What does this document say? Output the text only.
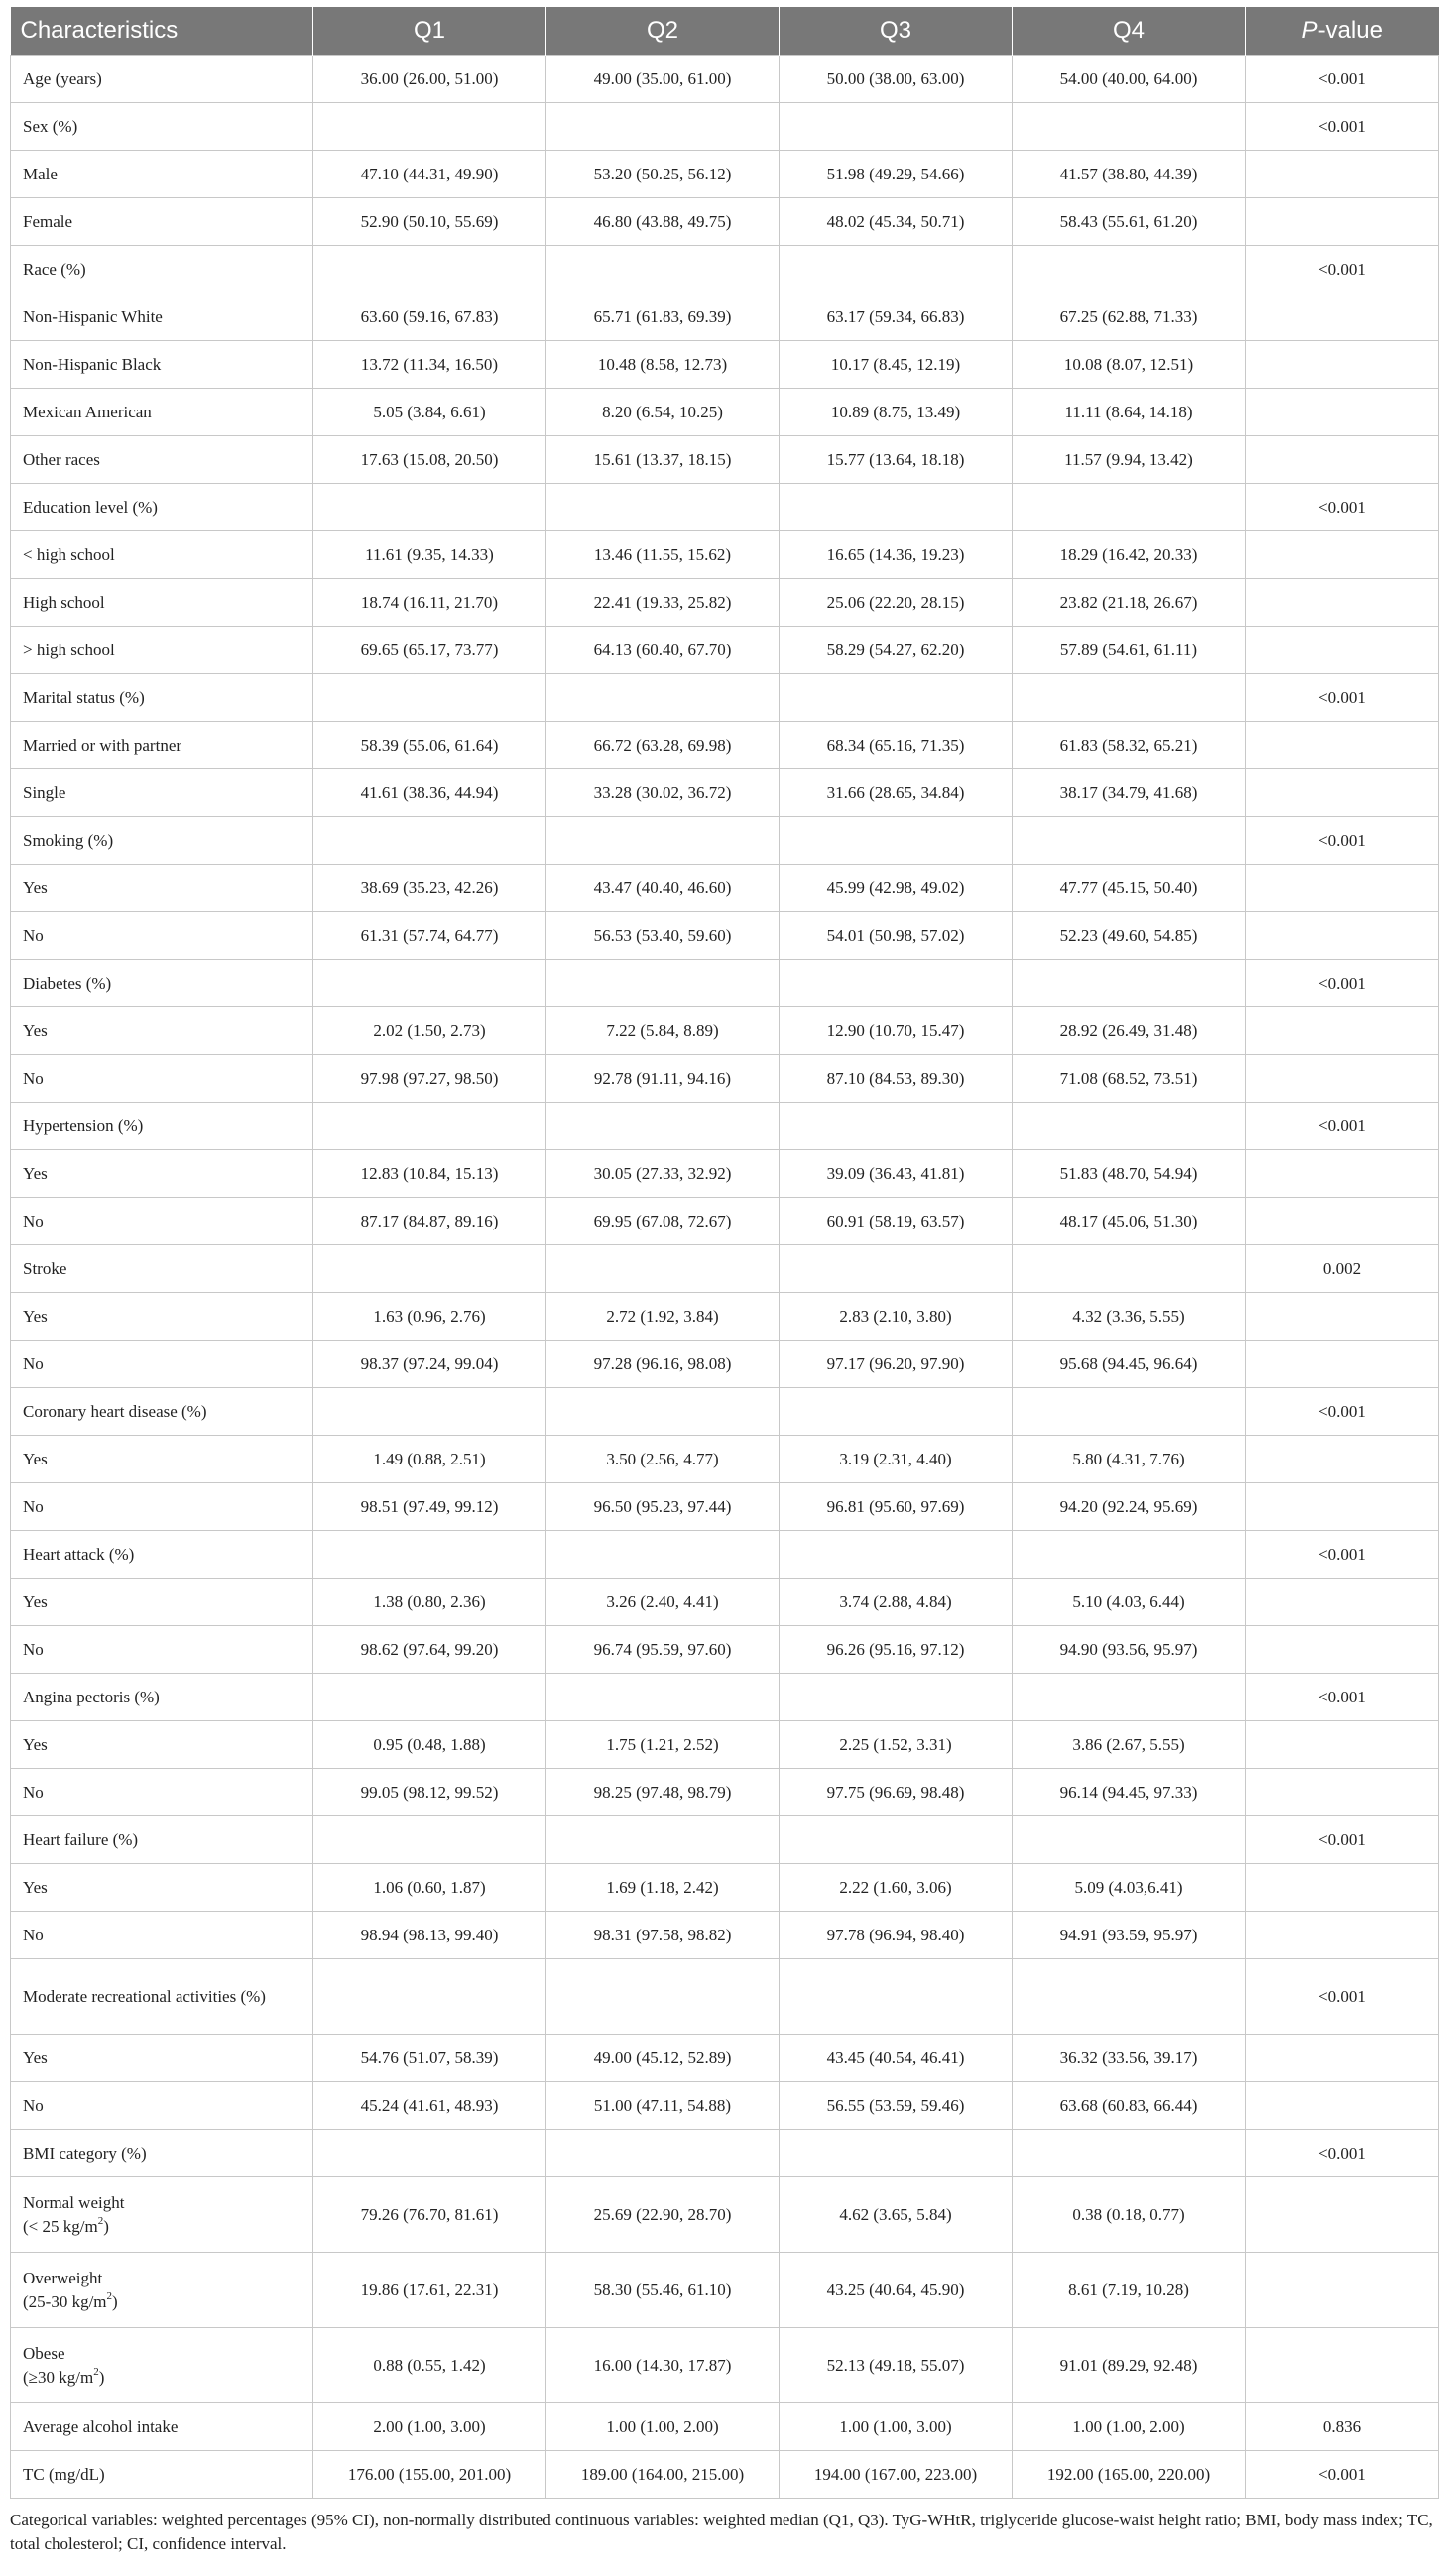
Characteristics	Q1	Q2	Q3	Q4	P-value
Age (years)	36.00 (26.00, 51.00)	49.00 (35.00, 61.00)	50.00 (38.00, 63.00)	54.00 (40.00, 64.00)	<0.001
Sex (%)					<0.001
Male	47.10 (44.31, 49.90)	53.20 (50.25, 56.12)	51.98 (49.29, 54.66)	41.57 (38.80, 44.39)	
Female	52.90 (50.10, 55.69)	46.80 (43.88, 49.75)	48.02 (45.34, 50.71)	58.43 (55.61, 61.20)	
Race (%)					<0.001
Non-Hispanic White	63.60 (59.16, 67.83)	65.71 (61.83, 69.39)	63.17 (59.34, 66.83)	67.25 (62.88, 71.33)	
Non-Hispanic Black	13.72 (11.34, 16.50)	10.48 (8.58, 12.73)	10.17 (8.45, 12.19)	10.08 (8.07, 12.51)	
Mexican American	5.05 (3.84, 6.61)	8.20 (6.54, 10.25)	10.89 (8.75, 13.49)	11.11 (8.64, 14.18)	
Other races	17.63 (15.08, 20.50)	15.61 (13.37, 18.15)	15.77 (13.64, 18.18)	11.57 (9.94, 13.42)	
Education level (%)					<0.001
< high school	11.61 (9.35, 14.33)	13.46 (11.55, 15.62)	16.65 (14.36, 19.23)	18.29 (16.42, 20.33)	
High school	18.74 (16.11, 21.70)	22.41 (19.33, 25.82)	25.06 (22.20, 28.15)	23.82 (21.18, 26.67)	
> high school	69.65 (65.17, 73.77)	64.13 (60.40, 67.70)	58.29 (54.27, 62.20)	57.89 (54.61, 61.11)	
Marital status (%)					<0.001
Married or with partner	58.39 (55.06, 61.64)	66.72 (63.28, 69.98)	68.34 (65.16, 71.35)	61.83 (58.32, 65.21)	
Single	41.61 (38.36, 44.94)	33.28 (30.02, 36.72)	31.66 (28.65, 34.84)	38.17 (34.79, 41.68)	
Smoking (%)					<0.001
Yes	38.69 (35.23, 42.26)	43.47 (40.40, 46.60)	45.99 (42.98, 49.02)	47.77 (45.15, 50.40)	
No	61.31 (57.74, 64.77)	56.53 (53.40, 59.60)	54.01 (50.98, 57.02)	52.23 (49.60, 54.85)	
Diabetes (%)					<0.001
Yes	2.02 (1.50, 2.73)	7.22 (5.84, 8.89)	12.90 (10.70, 15.47)	28.92 (26.49, 31.48)	
No	97.98 (97.27, 98.50)	92.78 (91.11, 94.16)	87.10 (84.53, 89.30)	71.08 (68.52, 73.51)	
Hypertension (%)					<0.001
Yes	12.83 (10.84, 15.13)	30.05 (27.33, 32.92)	39.09 (36.43, 41.81)	51.83 (48.70, 54.94)	
No	87.17 (84.87, 89.16)	69.95 (67.08, 72.67)	60.91 (58.19, 63.57)	48.17 (45.06, 51.30)	
Stroke					0.002
Yes	1.63 (0.96, 2.76)	2.72 (1.92, 3.84)	2.83 (2.10, 3.80)	4.32 (3.36, 5.55)	
No	98.37 (97.24, 99.04)	97.28 (96.16, 98.08)	97.17 (96.20, 97.90)	95.68 (94.45, 96.64)	
Coronary heart disease (%)					<0.001
Yes	1.49 (0.88, 2.51)	3.50 (2.56, 4.77)	3.19 (2.31, 4.40)	5.80 (4.31, 7.76)	
No	98.51 (97.49, 99.12)	96.50 (95.23, 97.44)	96.81 (95.60, 97.69)	94.20 (92.24, 95.69)	
Heart attack (%)					<0.001
Yes	1.38 (0.80, 2.36)	3.26 (2.40, 4.41)	3.74 (2.88, 4.84)	5.10 (4.03, 6.44)	
No	98.62 (97.64, 99.20)	96.74 (95.59, 97.60)	96.26 (95.16, 97.12)	94.90 (93.56, 95.97)	
Angina pectoris (%)					<0.001
Yes	0.95 (0.48, 1.88)	1.75 (1.21, 2.52)	2.25 (1.52, 3.31)	3.86 (2.67, 5.55)	
No	99.05 (98.12, 99.52)	98.25 (97.48, 98.79)	97.75 (96.69, 98.48)	96.14 (94.45, 97.33)	
Heart failure (%)					<0.001
Yes	1.06 (0.60, 1.87)	1.69 (1.18, 2.42)	2.22 (1.60, 3.06)	5.09 (4.03,6.41)	
No	98.94 (98.13, 99.40)	98.31 (97.58, 98.82)	97.78 (96.94, 98.40)	94.91 (93.59, 95.97)	
Moderate recreational activities (%)					<0.001
Yes	54.76 (51.07, 58.39)	49.00 (45.12, 52.89)	43.45 (40.54, 46.41)	36.32 (33.56, 39.17)	
No	45.24 (41.61, 48.93)	51.00 (47.11, 54.88)	56.55 (53.59, 59.46)	63.68 (60.83, 66.44)	
BMI category (%)					<0.001
Normal weight
(< 25 $kg/m^2$)	79.26 (76.70, 81.61)	25.69 (22.90, 28.70)	4.62 (3.65, 5.84)	0.38 (0.18, 0.77)	
Overweight
(25-30 $kg/m^2$)	19.86 (17.61, 22.31)	58.30 (55.46, 61.10)	43.25 (40.64, 45.90)	8.61 (7.19, 10.28)	
Obese
(≥30 $kg/m^2$)	0.88 (0.55, 1.42)	16.00 (14.30, 17.87)	52.13 (49.18, 55.07)	91.01 (89.29, 92.48)	
Average alcohol intake	2.00 (1.00, 3.00)	1.00 (1.00, 2.00)	1.00 (1.00, 3.00)	1.00 (1.00, 2.00)	0.836
TC (mg/dL)	176.00 (155.00, 201.00)	189.00 (164.00, 215.00)	194.00 (167.00, 223.00)	192.00 (165.00, 220.00)	<0.001
Categorical variables: weighted percentages (95% CI), non-normally distributed continuous variables: weighted median (Q1, Q3). TyG-WHtR, triglyceride glucose-waist height ratio; BMI, body mass index; TC, total cholesterol; CI, confidence interval.
